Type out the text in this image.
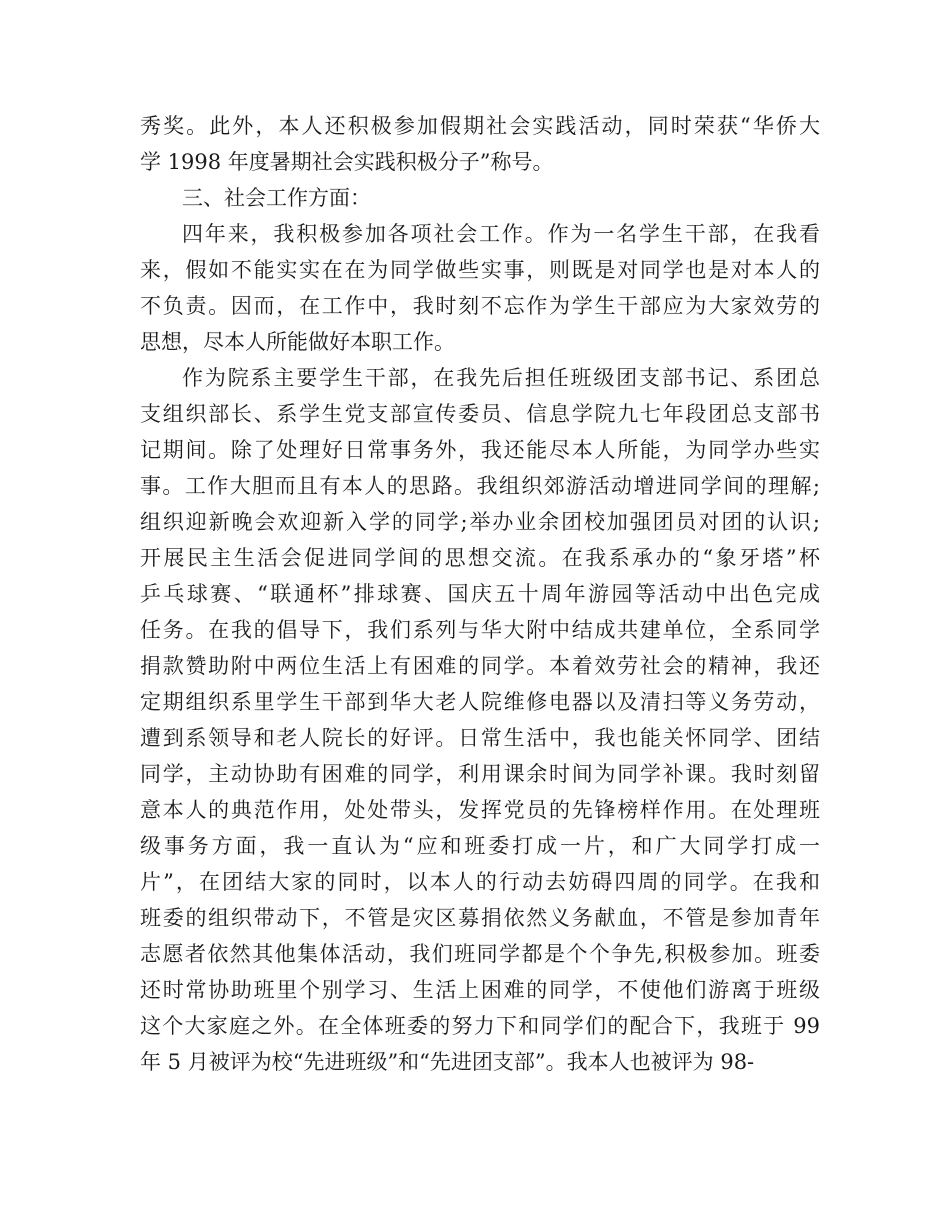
秀奖。此外，本人还积极参加假期社会实践活动，同时荣获“华侨大
学 1998 年度暑期社会实践积极分子”称号。
三、社会工作方面：
四年来，我积极参加各项社会工作。作为一名学生干部，在我看
来，假如不能实实在在为同学做些实事，则既是对同学也是对本人的
不负责。因而，在工作中，我时刻不忘作为学生干部应为大家效劳的
思想，尽本人所能做好本职工作。
作为院系主要学生干部，在我先后担任班级团支部书记、系团总
支组织部长、系学生党支部宣传委员、信息学院九七年段团总支部书
记期间。除了处理好日常事务外，我还能尽本人所能，为同学办些实
事。工作大胆而且有本人的思路。我组织郊游活动增进同学间的理解;
组织迎新晚会欢迎新入学的同学;举办业余团校加强团员对团的认识;
开展民主生活会促进同学间的思想交流。在我系承办的“象牙塔”杯
乒乓球赛、“联通杯”排球赛、国庆五十周年游园等活动中出色完成
任务。在我的倡导下，我们系列与华大附中结成共建单位，全系同学
捐款赞助附中两位生活上有困难的同学。本着效劳社会的精神，我还
定期组织系里学生干部到华大老人院维修电器以及清扫等义务劳动，
遭到系领导和老人院长的好评。日常生活中，我也能关怀同学、团结
同学，主动协助有困难的同学，利用课余时间为同学补课。我时刻留
意本人的典范作用，处处带头，发挥党员的先锋榜样作用。在处理班
级事务方面，我一直认为“应和班委打成一片，和广大同学打成一
片”，在团结大家的同时，以本人的行动去妨碍四周的同学。在我和
班委的组织带动下，不管是灾区募捐依然义务献血，不管是参加青年
志愿者依然其他集体活动，我们班同学都是个个争先,积极参加。班委
还时常协助班里个别学习、生活上困难的同学，不使他们游离于班级
这个大家庭之外。在全体班委的努力下和同学们的配合下，我班于 99
年 5 月被评为校“先进班级”和“先进团支部”。我本人也被评为 98-
